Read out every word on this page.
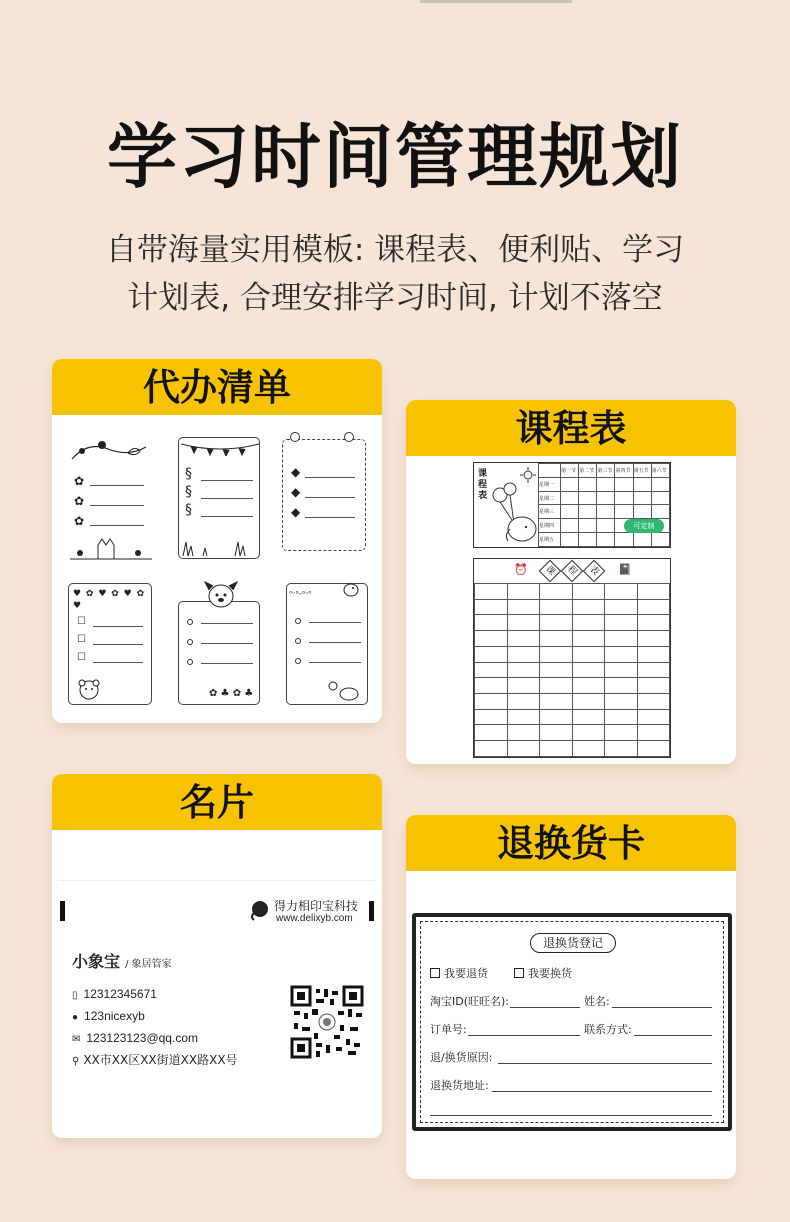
学习时间管理规划
自带海量实用模板: 课程表、便利贴、学习
计划表, 合理安排学习时间, 计划不落空
代办清单
✿
✿
✿
§
§
§
◆
◆
◆
♥ ✿ ♥ ✿ ♥ ✿ ♥
☐
☐
☐
✿ ♣ ✿ ♣
ᵒᵕᵒ-ᵒᵕᵒ
课程表
课程表
	第一节	第二节	第三节	第四节	第五节	第六节
星期一						
星期二						
星期三						
星期四						
星期五						
可定制
⏰	课 程 表	📓

名片
得力相印宝科技
www.delixyb.com
小象宝 / 象居管家
▯ 12312345671
● 123nicexyb
✉ 123123123@qq.com
⚲ XX市XX区XX街道XX路XX号
退换货卡
退换货登记
我要退货	我要换货
淘宝ID(旺旺名):	姓名:
订单号:	联系方式:
退/换货原因:
退换货地址:
